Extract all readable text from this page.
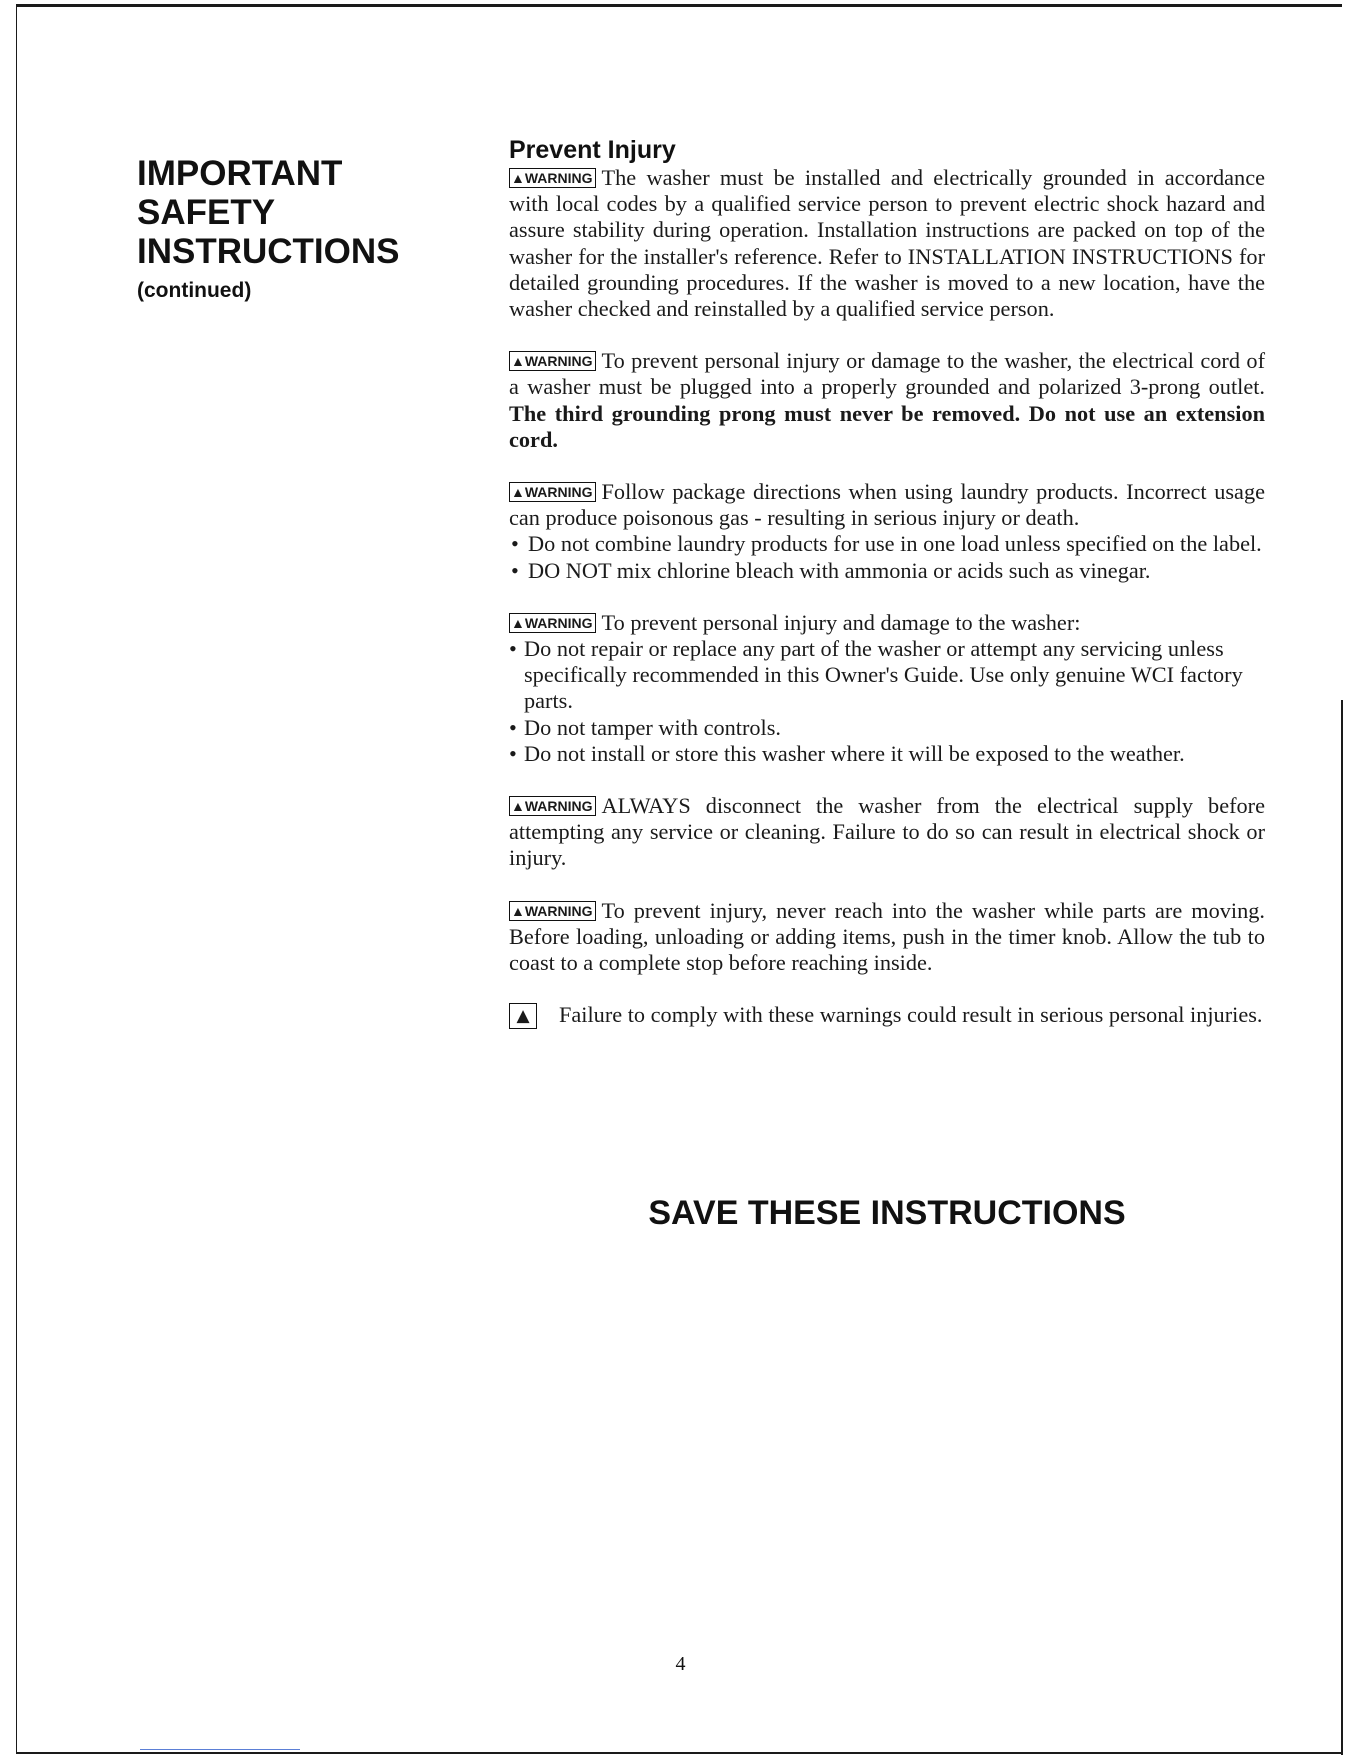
IMPORTANT
SAFETY
INSTRUCTIONS
(continued)
Prevent Injury

▲WARNING The washer must be installed and electrically grounded in accordance with local codes by a qualified service person to prevent electric shock hazard and assure stability during operation. Installation instructions are packed on top of the washer for the installer's reference. Refer to INSTALLATION INSTRUCTIONS for detailed grounding procedures. If the washer is moved to a new location, have the washer checked and reinstalled by a qualified service person.

▲WARNING To prevent personal injury or damage to the washer, the electrical cord of a washer must be plugged into a properly grounded and polarized 3-prong outlet. The third grounding prong must never be removed. Do not use an extension cord.

▲WARNING Follow package directions when using laundry products. Incorrect usage can produce poisonous gas - resulting in serious injury or death.
• Do not combine laundry products for use in one load unless specified on the label.
• DO NOT mix chlorine bleach with ammonia or acids such as vinegar.
▲WARNING To prevent personal injury and damage to the washer:
• Do not repair or replace any part of the washer or attempt any servicing unless specifically recommended in this Owner's Guide. Use only genuine WCI factory parts.
• Do not tamper with controls.
• Do not install or store this washer where it will be exposed to the weather.

▲WARNING ALWAYS disconnect the washer from the electrical supply before attempting any service or cleaning. Failure to do so can result in electrical shock or injury.

▲WARNING To prevent injury, never reach into the washer while parts are moving. Before loading, unloading or adding items, push in the timer knob. Allow the tub to coast to a complete stop before reaching inside.

▲ Failure to comply with these warnings could result in serious personal injuries.

SAVE THESE INSTRUCTIONS
4
